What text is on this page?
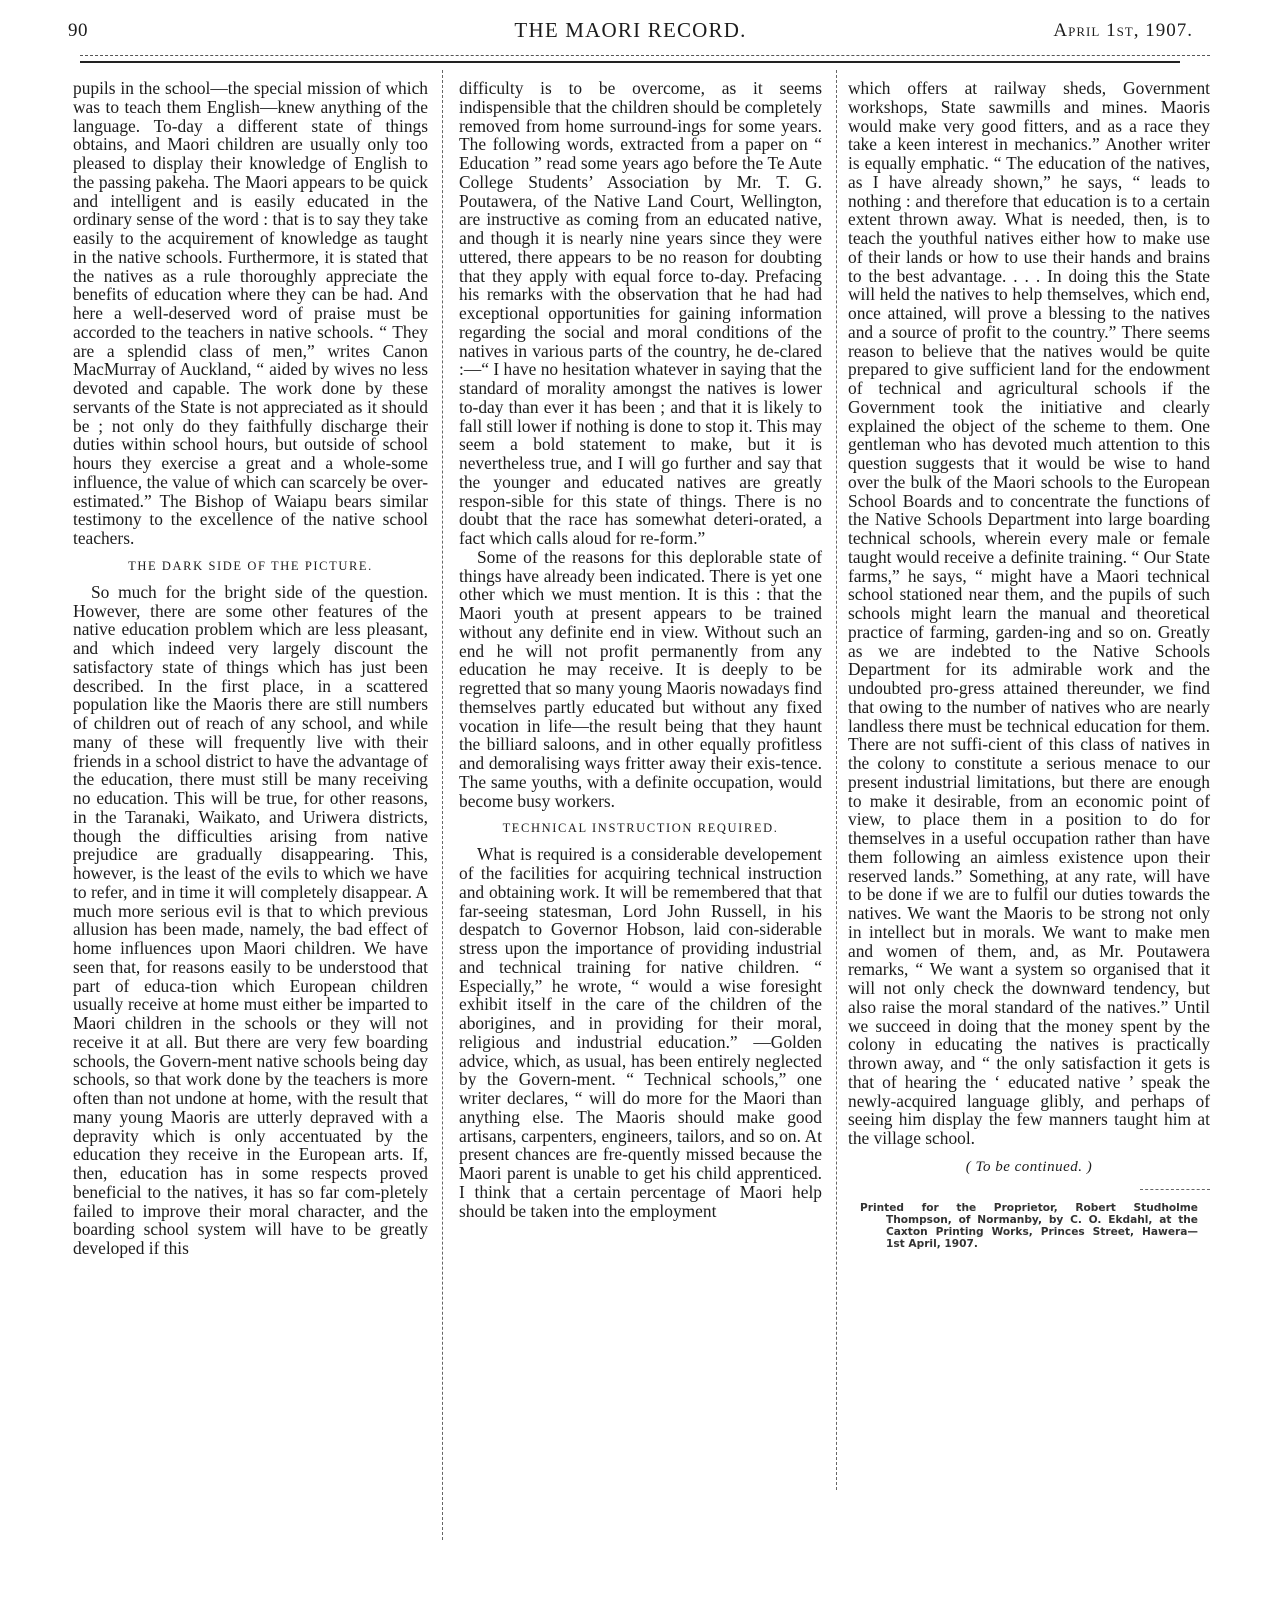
90	THE MAORI RECORD.	April 1st, 1907.

pupils in the school—the special mission of which was to teach them English—knew anything of the language. To-day a different state of things obtains, and Maori children are usually only too pleased to display their knowledge of English to the passing pakeha. The Maori appears to be quick and intelligent and is easily educated in the ordinary sense of the word : that is to say they take easily to the acquirement of knowledge as taught in the native schools. Furthermore, it is stated that the natives as a rule thoroughly appreciate the benefits of education where they can be had. And here a well-deserved word of praise must be accorded to the teachers in native schools. “ They are a splendid class of men,” writes Canon MacMurray of Auckland, “ aided by wives no less devoted and capable. The work done by these servants of the State is not appreciated as it should be ; not only do they faithfully discharge their duties within school hours, but outside of school hours they exercise a great and a whole-some influence, the value of which can scarcely be over-estimated.” The Bishop of Waiapu bears similar testimony to the excellence of the native school teachers.

THE DARK SIDE OF THE PICTURE.

So much for the bright side of the question. However, there are some other features of the native education problem which are less pleasant, and which indeed very largely discount the satisfactory state of things which has just been described. In the first place, in a scattered population like the Maoris there are still numbers of children out of reach of any school, and while many of these will frequently live with their friends in a school district to have the advantage of the education, there must still be many receiving no education. This will be true, for other reasons, in the Taranaki, Waikato, and Uriwera districts, though the difficulties arising from native prejudice are gradually disappearing. This, however, is the least of the evils to which we have to refer, and in time it will completely disappear. A much more serious evil is that to which previous allusion has been made, namely, the bad effect of home influences upon Maori children. We have seen that, for reasons easily to be understood that part of educa-tion which European children usually receive at home must either be imparted to Maori children in the schools or they will not receive it at all. But there are very few boarding schools, the Govern-ment native schools being day schools, so that work done by the teachers is more often than not undone at home, with the result that many young Maoris are utterly depraved with a depravity which is only accentuated by the education they receive in the European arts. If, then, education has in some respects proved beneficial to the natives, it has so far com-pletely failed to improve their moral character, and the boarding school system will have to be greatly developed if this

difficulty is to be overcome, as it seems indispensible that the children should be completely removed from home surround-ings for some years. The following words, extracted from a paper on “ Education ” read some years ago before the Te Aute College Students’ Association by Mr. T. G. Poutawera, of the Native Land Court, Wellington, are instructive as coming from an educated native, and though it is nearly nine years since they were uttered, there appears to be no reason for doubting that they apply with equal force to-day. Prefacing his remarks with the observation that he had had exceptional opportunities for gaining information regarding the social and moral conditions of the natives in various parts of the country, he de-clared :—“ I have no hesitation whatever in saying that the standard of morality amongst the natives is lower to-day than ever it has been ; and that it is likely to fall still lower if nothing is done to stop it. This may seem a bold statement to make, but it is nevertheless true, and I will go further and say that the younger and educated natives are greatly respon-sible for this state of things. There is no doubt that the race has somewhat deteri-orated, a fact which calls aloud for re-form.”

Some of the reasons for this deplorable state of things have already been indicated. There is yet one other which we must mention. It is this : that the Maori youth at present appears to be trained without any definite end in view. Without such an end he will not profit permanently from any education he may receive. It is deeply to be regretted that so many young Maoris nowadays find themselves partly educated but without any fixed vocation in life—the result being that they haunt the billiard saloons, and in other equally profitless and demoralising ways fritter away their exis-tence. The same youths, with a definite occupation, would become busy workers.

TECHNICAL INSTRUCTION REQUIRED.

What is required is a considerable developement of the facilities for acquiring technical instruction and obtaining work. It will be remembered that that far-seeing statesman, Lord John Russell, in his despatch to Governor Hobson, laid con-siderable stress upon the importance of providing industrial and technical training for native children. “ Especially,” he wrote, “ would a wise foresight exhibit itself in the care of the children of the aborigines, and in providing for their moral, religious and industrial education.” —Golden advice, which, as usual, has been entirely neglected by the Govern-ment. “ Technical schools,” one writer declares, “ will do more for the Maori than anything else. The Maoris should make good artisans, carpenters, engineers, tailors, and so on. At present chances are fre-quently missed because the Maori parent is unable to get his child apprenticed. I think that a certain percentage of Maori help should be taken into the employment

which offers at railway sheds, Government workshops, State sawmills and mines. Maoris would make very good fitters, and as a race they take a keen interest in mechanics.” Another writer is equally emphatic. “ The education of the natives, as I have already shown,” he says, “ leads to nothing : and therefore that education is to a certain extent thrown away. What is needed, then, is to teach the youthful natives either how to make use of their lands or how to use their hands and brains to the best advantage. . . . In doing this the State will held the natives to help themselves, which end, once attained, will prove a blessing to the natives and a source of profit to the country.” There seems reason to believe that the natives would be quite prepared to give sufficient land for the endowment of technical and agricultural schools if the Government took the initiative and clearly explained the object of the scheme to them. One gentleman who has devoted much attention to this question suggests that it would be wise to hand over the bulk of the Maori schools to the European School Boards and to concentrate the functions of the Native Schools Department into large boarding technical schools, wherein every male or female taught would receive a definite training. “ Our State farms,” he says, “ might have a Maori technical school stationed near them, and the pupils of such schools might learn the manual and theoretical practice of farming, garden-ing and so on. Greatly as we are indebted to the Native Schools Department for its admirable work and the undoubted pro-gress attained thereunder, we find that owing to the number of natives who are nearly landless there must be technical education for them. There are not suffi-cient of this class of natives in the colony to constitute a serious menace to our present industrial limitations, but there are enough to make it desirable, from an economic point of view, to place them in a position to do for themselves in a useful occupation rather than have them following an aimless existence upon their reserved lands.” Something, at any rate, will have to be done if we are to fulfil our duties towards the natives. We want the Maoris to be strong not only in intellect but in morals. We want to make men and women of them, and, as Mr. Poutawera remarks, “ We want a system so organised that it will not only check the downward tendency, but also raise the moral standard of the natives.” Until we succeed in doing that the money spent by the colony in educating the natives is practically thrown away, and “ the only satisfaction it gets is that of hearing the ‘ educated native ’ speak the newly-acquired language glibly, and perhaps of seeing him display the few manners taught him at the village school.

( To be continued. )
Printed for the Proprietor, Robert Studholme
Thompson, of Normanby, by C. O. Ekdahl, at the Caxton Printing Works, Princes Street, Hawera— 1st April, 1907.
